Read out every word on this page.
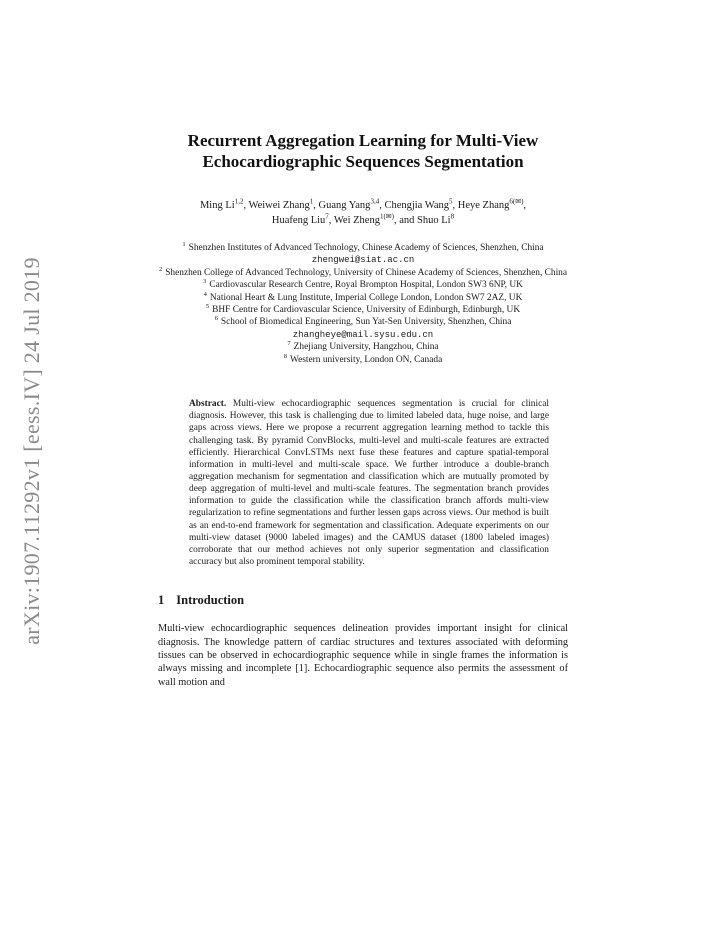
arXiv:1907.11292v1 [eess.IV] 24 Jul 2019
Recurrent Aggregation Learning for Multi-View
Echocardiographic Sequences Segmentation
Ming Li$^{1,2}$, Weiwei Zhang$^1$, Guang Yang$^{3,4}$, Chengjia Wang$^5$, Heye Zhang$^{6(✉)}$,
Huafeng Liu$^7$, Wei Zheng$^{1(✉)}$, and Shuo Li$^8$
$^1$ Shenzhen Institutes of Advanced Technology, Chinese Academy of Sciences, Shenzhen, China
zhengwei@siat.ac.cn
$^2$ Shenzhen College of Advanced Technology, University of Chinese Academy of Sciences, Shenzhen, China
$^3$ Cardiovascular Research Centre, Royal Brompton Hospital, London SW3 6NP, UK
$^4$ National Heart & Lung Institute, Imperial College London, London SW7 2AZ, UK
$^5$ BHF Centre for Cardiovascular Science, University of Edinburgh, Edinburgh, UK
$^6$ School of Biomedical Engineering, Sun Yat-Sen University, Shenzhen, China
zhangheye@mail.sysu.edu.cn
$^7$ Zhejiang University, Hangzhou, China
$^8$ Western university, London ON, Canada
Abstract. Multi-view echocardiographic sequences segmentation is crucial for clinical diagnosis. However, this task is challenging due to limited labeled data, huge noise, and large gaps across views. Here we propose a recurrent aggregation learning method to tackle this challenging task. By pyramid ConvBlocks, multi-level and multi-scale features are extracted efficiently. Hierarchical ConvLSTMs next fuse these features and capture spatial-temporal information in multi-level and multi-scale space. We further introduce a double-branch aggregation mechanism for segmentation and classification which are mutually promoted by deep aggregation of multi-level and multi-scale features. The segmentation branch provides information to guide the classification while the classification branch affords multi-view regularization to refine segmentations and further lessen gaps across views. Our method is built as an end-to-end framework for segmentation and classification. Adequate experiments on our multi-view dataset (9000 labeled images) and the CAMUS dataset (1800 labeled images) corroborate that our method achieves not only superior segmentation and classification accuracy but also prominent temporal stability.
1 Introduction
Multi-view echocardiographic sequences delineation provides important insight for clinical diagnosis. The knowledge pattern of cardiac structures and textures associated with deforming tissues can be observed in echocardiographic sequence while in single frames the information is always missing and incomplete [1]. Echocardiographic sequence also permits the assessment of wall motion and
